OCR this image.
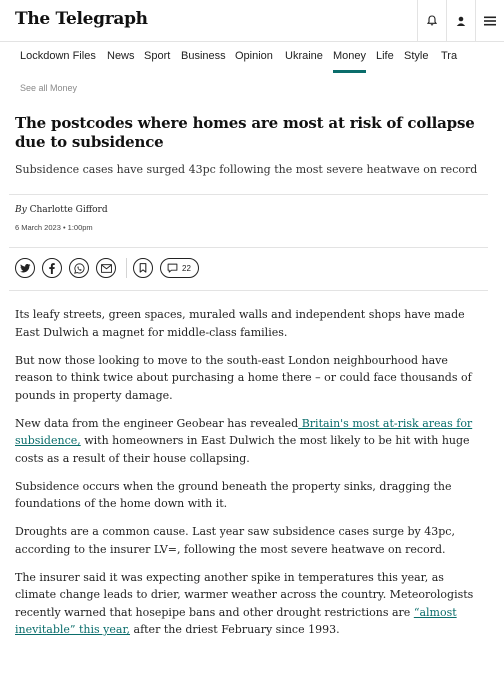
The Telegraph
Lockdown Files News Sport Business Opinion Ukraine Money Life Style Tra
See all Money
The postcodes where homes are most at risk of collapse due to subsidence

Subsidence cases have surged 43pc following the most severe heatwave on record

By Charlotte Gifford
6 March 2023 • 1:00pm
22

Its leafy streets, green spaces, muraled walls and independent shops have made East Dulwich a magnet for middle-class families.

But now those looking to move to the south-east London neighbourhood have reason to think twice about purchasing a home there – or could face thousands of pounds in property damage.

New data from the engineer Geobear has revealed Britain's most at-risk areas for subsidence, with homeowners in East Dulwich the most likely to be hit with huge costs as a result of their house collapsing.

Subsidence occurs when the ground beneath the property sinks, dragging the foundations of the home down with it.

Droughts are a common cause. Last year saw subsidence cases surge by 43pc, according to the insurer LV=, following the most severe heatwave on record.

The insurer said it was expecting another spike in temperatures this year, as climate change leads to drier, warmer weather across the country. Meteorologists recently warned that hosepipe bans and other drought restrictions are “almost inevitable” this year, after the driest February since 1993.
